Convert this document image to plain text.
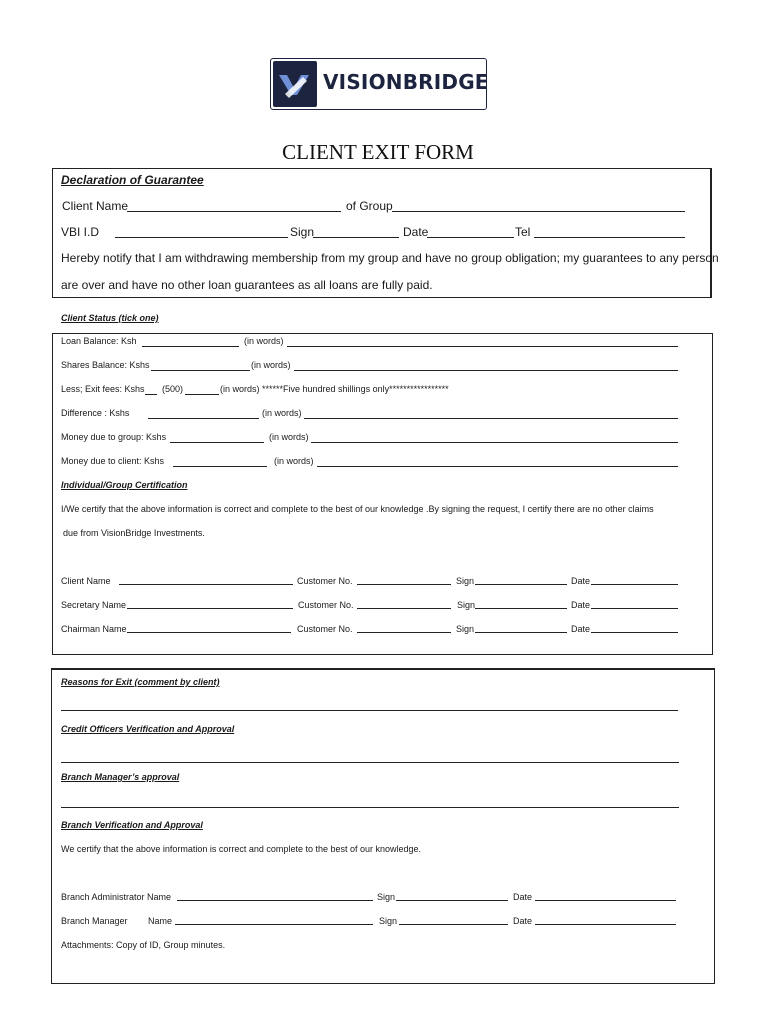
VISIONBRIDGE
CLIENT EXIT FORM
Declaration of Guarantee
Client Name	of Group
VBI I.D	Sign	Date	Tel
Hereby notify that I am withdrawing membership from my group and have no group obligation; my guarantees to any person
are over and have no other loan guarantees as all loans are fully paid.
Client Status (tick one)
Loan Balance: Ksh	(in words)
Shares Balance: Kshs	(in words)
Less; Exit fees: Kshs (500)	(in words) ******Five hundred shillings only*****************
Difference : Kshs	(in words)
Money due to group: Kshs	(in words)
Money due to client: Kshs	(in words)
Individual/Group Certification
I/We certify that the above information is correct and complete to the best of our knowledge .By signing the request, I certify there are no other claims
due from VisionBridge Investments.
Client Name	Customer No.	Sign	Date
Secretary Name	Customer No.	Sign	Date
Chairman Name	Customer No.	Sign	Date
Reasons for Exit (comment by client)
Credit Officers Verification and Approval
Branch Manager’s approval
Branch Verification and Approval
We certify that the above information is correct and complete to the best of our knowledge.
Branch Administrator Name	Sign	Date
Branch Manager Name	Sign	Date
Attachments: Copy of ID, Group minutes.
